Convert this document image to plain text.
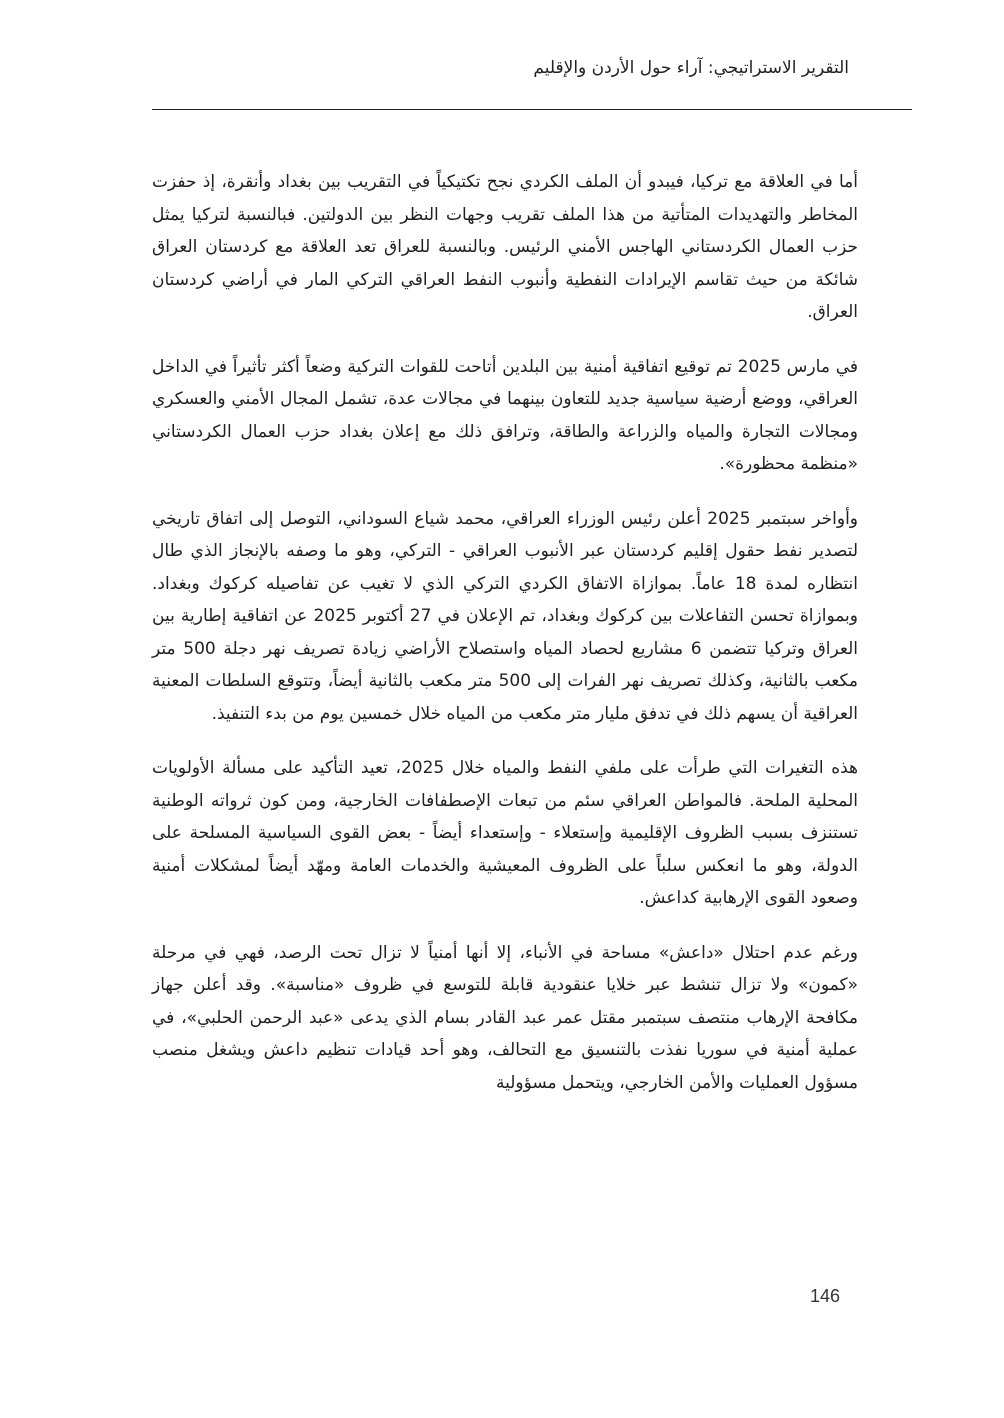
التقرير الاستراتيجي: آراء حول الأردن والإقليم

أما في العلاقة مع تركيا، فيبدو أن الملف الكردي نجح تكتيكياً في التقريب بين بغداد وأنقرة، إذ حفزت المخاطر والتهديدات المتأتية من هذا الملف تقريب وجهات النظر بين الدولتين. فبالنسبة لتركيا يمثل حزب العمال الكردستاني الهاجس الأمني الرئيس. وبالنسبة للعراق تعد العلاقة مع كردستان العراق شائكة من حيث تقاسم الإيرادات النفطية وأنبوب النفط العراقي التركي المار في أراضي كردستان العراق.

في مارس 2025 تم توقيع اتفاقية أمنية بين البلدين أتاحت للقوات التركية وضعاً أكثر تأثيراً في الداخل العراقي، ووضع أرضية سياسية جديد للتعاون بينهما في مجالات عدة، تشمل المجال الأمني والعسكري ومجالات التجارة والمياه والزراعة والطاقة، وترافق ذلك مع إعلان بغداد حزب العمال الكردستاني «منظمة محظورة».

وأواخر سبتمبر 2025 أعلن رئيس الوزراء العراقي، محمد شياع السوداني، التوصل إلى اتفاق تاريخي لتصدير نفط حقول إقليم كردستان عبر الأنبوب العراقي - التركي، وهو ما وصفه بالإنجاز الذي طال انتظاره لمدة 18 عاماً. بموازاة الاتفاق الكردي التركي الذي لا تغيب عن تفاصيله كركوك وبغداد. وبموازاة تحسن التفاعلات بين كركوك وبغداد، تم الإعلان في 27 أكتوبر 2025 عن اتفاقية إطارية بين العراق وتركيا تتضمن 6 مشاريع لحصاد المياه واستصلاح الأراضي زيادة تصريف نهر دجلة 500 متر مكعب بالثانية، وكذلك تصريف نهر الفرات إلى 500 متر مكعب بالثانية أيضاً، وتتوقع السلطات المعنية العراقية أن يسهم ذلك في تدفق مليار متر مكعب من المياه خلال خمسين يوم من بدء التنفيذ.

هذه التغيرات التي طرأت على ملفي النفط والمياه خلال 2025، تعيد التأكيد على مسألة الأولويات المحلية الملحة. فالمواطن العراقي سئم من تبعات الإصطفافات الخارجية، ومن كون ثرواته الوطنية تستنزف بسبب الظروف الإقليمية وإستعلاء - وإستعداء أيضاً - بعض القوى السياسية المسلحة على الدولة، وهو ما انعكس سلباً على الظروف المعيشية والخدمات العامة ومهّد أيضاً لمشكلات أمنية وصعود القوى الإرهابية كداعش.

ورغم عدم احتلال «داعش» مساحة في الأنباء، إلا أنها أمنياً لا تزال تحت الرصد، فهي في مرحلة «كمون» ولا تزال تنشط عبر خلايا عنقودية قابلة للتوسع في ظروف «مناسبة». وقد أعلن جهاز مكافحة الإرهاب منتصف سبتمبر مقتل عمر عبد القادر بسام الذي يدعى «عبد الرحمن الحلبي»، في عملية أمنية في سوريا نفذت بالتنسيق مع التحالف، وهو أحد قيادات تنظيم داعش ويشغل منصب مسؤول العمليات والأمن الخارجي، ويتحمل مسؤولية

146
